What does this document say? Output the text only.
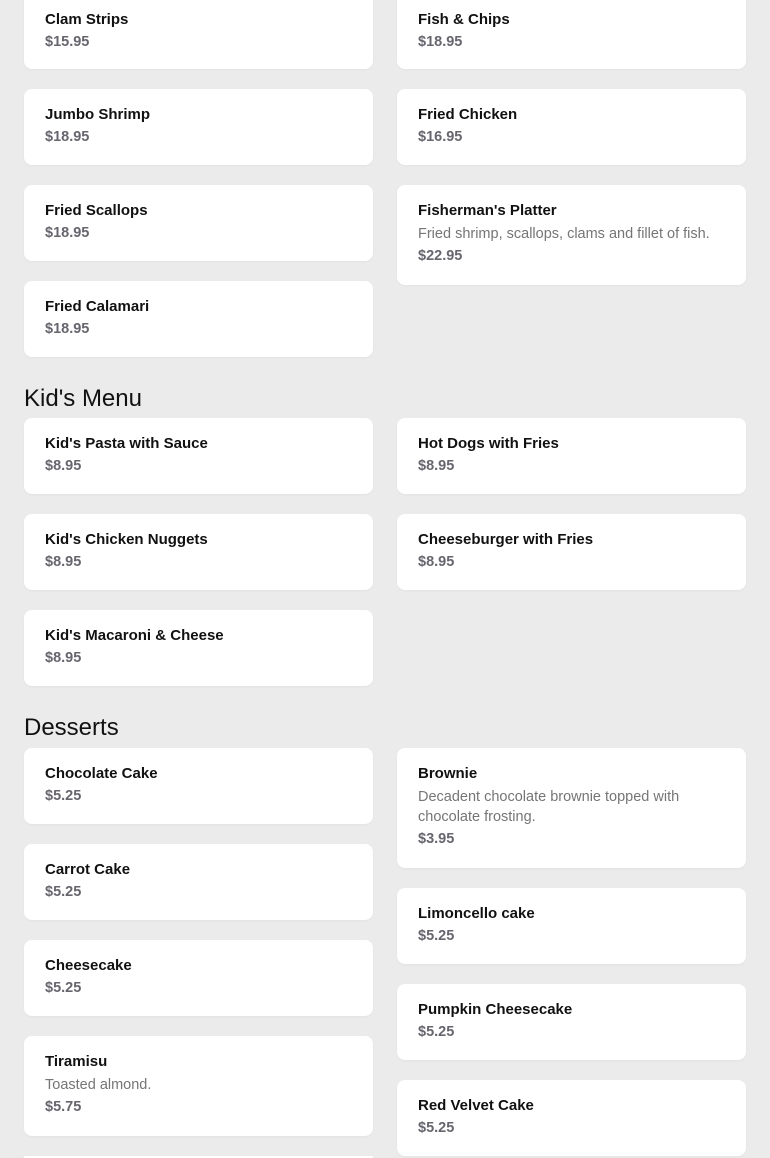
Clam Strips
$15.95
Fish & Chips
$18.95
Jumbo Shrimp
$18.95
Fried Chicken
$16.95
Fried Scallops
$18.95
Fisherman's Platter
Fried shrimp, scallops, clams and fillet of fish.
$22.95
Fried Calamari
$18.95
Kid's Menu
Kid's Pasta with Sauce
$8.95
Hot Dogs with Fries
$8.95
Kid's Chicken Nuggets
$8.95
Cheeseburger with Fries
$8.95
Kid's Macaroni & Cheese
$8.95
Desserts
Chocolate Cake
$5.25
Brownie
Decadent chocolate brownie topped with chocolate frosting.
$3.95
Carrot Cake
$5.25
Limoncello cake
$5.25
Cheesecake
$5.25
Pumpkin Cheesecake
$5.25
Tiramisu
Toasted almond.
$5.75	Red Velvet Cake
$5.25
